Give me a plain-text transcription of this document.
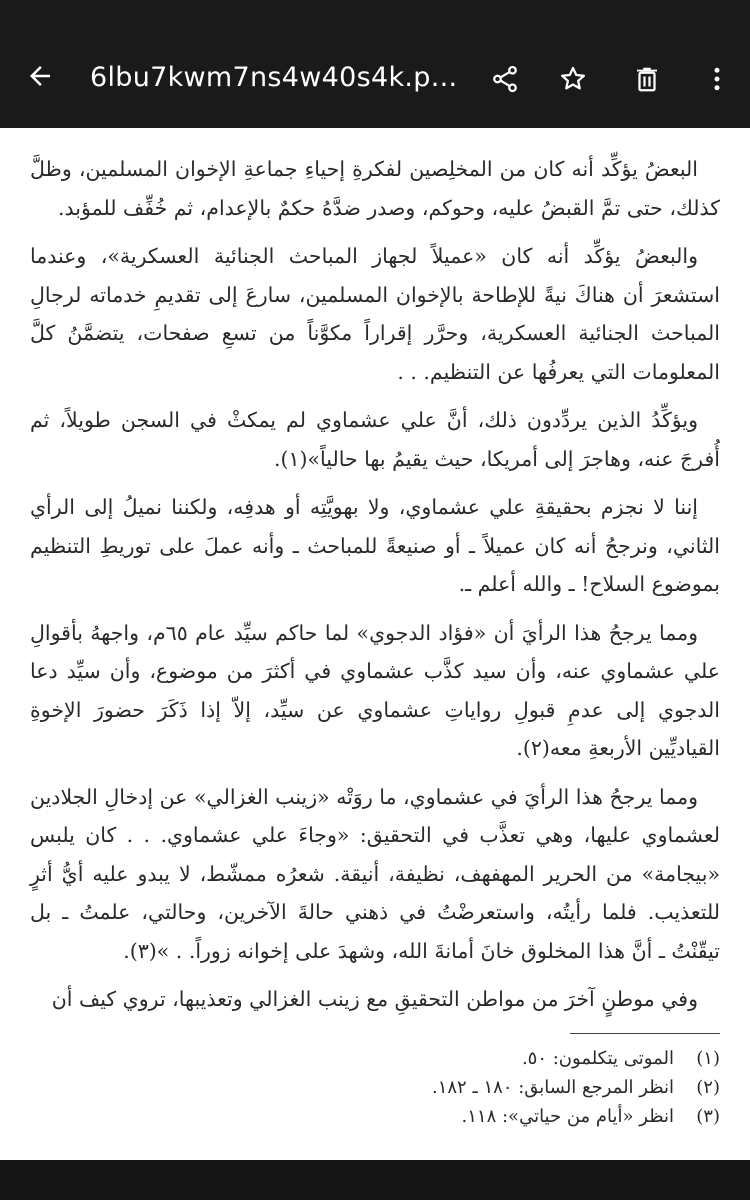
6lbu7kwm7ns4w40s4k.p...

البعضُ يؤكِّد أنه كان من المخلِصين لفكرةِ إحياءِ جماعةِ الإخوان المسلمين، وظلَّ كذلك، حتى تمَّ القبضُ عليه، وحوكم، وصدر ضدَّهُ حكمٌ بالإعدام، ثم خُفِّف للمؤبد.

والبعضُ يؤكِّد أنه كان «عميلاً لجهاز المباحث الجنائية العسكرية»، وعندما استشعرَ أن هناكَ نيةً للإطاحة بالإخوان المسلمين، سارعَ إلى تقديمِ خدماته لرجالِ المباحث الجنائية العسكرية، وحرَّر إقراراً مكوَّناً من تسعِ صفحات، يتضمَّنُ كلَّ المعلومات التي يعرفُها عن التنظيم. . .

ويؤكِّدُ الذين يردِّدون ذلك، أنَّ علي عشماوي لم يمكثْ في السجن طويلاً، ثم أُفرجَ عنه، وهاجرَ إلى أمريكا، حيث يقيمُ بها حالياً»(١).

إننا لا نجزم بحقيقةِ علي عشماوي، ولا بهويَّتِه أو هدفِه، ولكننا نميلُ إلى الرأي الثاني، ونرجحُ أنه كان عميلاً ـ أو صنيعةً للمباحث ـ وأنه عملَ على توريطِ التنظيم بموضوع السلاح! ـ والله أعلم ـ.

ومما يرجحُ هذا الرأيَ أن «فؤاد الدجوي» لما حاكم سيِّد عام ٦٥م، واجههُ بأقوالِ علي عشماوي عنه، وأن سيد كذَّب عشماوي في أكثرَ من موضوع، وأن سيِّد دعا الدجوي إلى عدمِ قبولِ رواياتِ عشماوي عن سيِّد، إلاّ إذا ذَكَرَ حضورَ الإخوةِ القياديِّين الأربعةِ معه(٢).

ومما يرجحُ هذا الرأيَ في عشماوي، ما روَتْه «زينب الغزالي» عن إدخالِ الجلادين لعشماوي عليها، وهي تعذَّب في التحقيق: «وجاءَ علي عشماوي. . . كان يلبس «بيجامة» من الحرير المهفهف، نظيفة، أنيقة. شعرُه ممشّط، لا يبدو عليه أيُّ أثرٍ للتعذيب. فلما رأيتُه، واستعرضْتُ في ذهني حالةَ الآخرين، وحالتي، علمتُ ـ بل تيقّنْتُ ـ أنَّ هذا المخلوق خانَ أمانةَ الله، وشهدَ على إخوانه زوراً. . »(٣).

وفي موطنٍ آخرَ من مواطن التحقيقِ مع زينب الغزالي وتعذيبها، تروي كيف أن

(١)
الموتى يتكلمون: ٥٠.
(٢)
انظر المرجع السابق: ١٨٠ ـ ١٨٢.
(٣)
انظر «أيام من حياتي»: ١١٨.
